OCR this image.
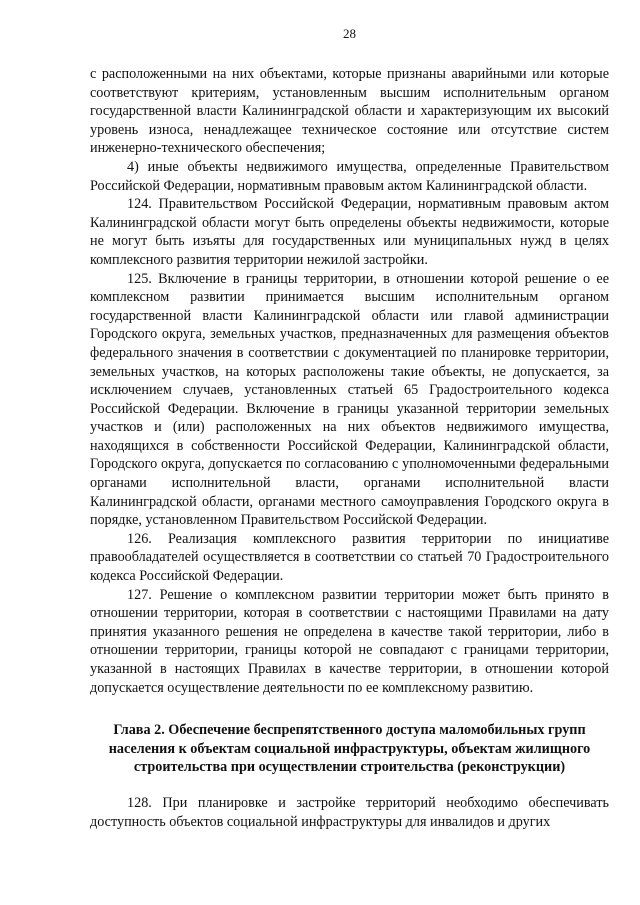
28

с расположенными на них объектами, которые признаны аварийными или которые соответствуют критериям, установленным высшим исполнительным органом государственной власти Калининградской области и характеризующим их высокий уровень износа, ненадлежащее техническое состояние или отсутствие систем инженерно-технического обеспечения;

4) иные объекты недвижимого имущества, определенные Правительством Российской Федерации, нормативным правовым актом Калининградской области.

124. Правительством Российской Федерации, нормативным правовым актом Калининградской области могут быть определены объекты недвижимости, которые не могут быть изъяты для государственных или муниципальных нужд в целях комплексного развития территории нежилой застройки.

125. Включение в границы территории, в отношении которой решение о ее комплексном развитии принимается высшим исполнительным органом государственной власти Калининградской области или главой администрации Городского округа, земельных участков, предназначенных для размещения объектов федерального значения в соответствии с документацией по планировке территории, земельных участков, на которых расположены такие объекты, не допускается, за исключением случаев, установленных статьей 65 Градостроительного кодекса Российской Федерации. Включение в границы указанной территории земельных участков и (или) расположенных на них объектов недвижимого имущества, находящихся в собственности Российской Федерации, Калининградской области, Городского округа, допускается по согласованию с уполномоченными федеральными органами исполнительной власти, органами исполнительной власти Калининградской области, органами местного самоуправления Городского округа в порядке, установленном Правительством Российской Федерации.

126. Реализация комплексного развития территории по инициативе правообладателей осуществляется в соответствии со статьей 70 Градостроительного кодекса Российской Федерации.

127. Решение о комплексном развитии территории может быть принято в отношении территории, которая в соответствии с настоящими Правилами на дату принятия указанного решения не определена в качестве такой территории, либо в отношении территории, границы которой не совпадают с границами территории, указанной в настоящих Правилах в качестве территории, в отношении которой допускается осуществление деятельности по ее комплексному развитию.

Глава 2. Обеспечение беспрепятственного доступа маломобильных групп населения к объектам социальной инфраструктуры, объектам жилищного строительства при осуществлении строительства (реконструкции)

128. При планировке и застройке территорий необходимо обеспечивать доступность объектов социальной инфраструктуры для инвалидов и других
